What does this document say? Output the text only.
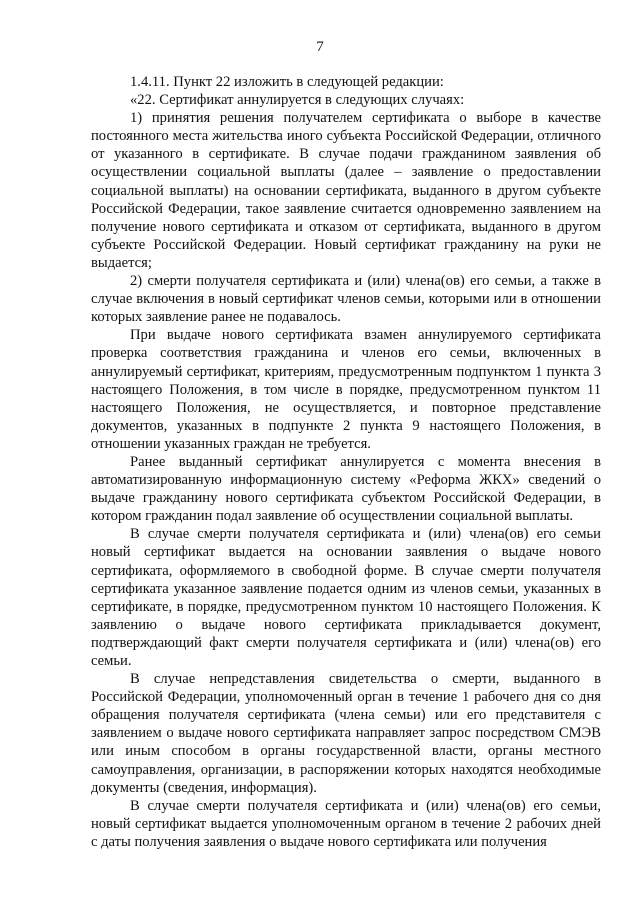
7

1.4.11. Пункт 22 изложить в следующей редакции:

«22. Сертификат аннулируется в следующих случаях:

1) принятия решения получателем сертификата о выборе в качестве постоянного места жительства иного субъекта Российской Федерации, отличного от указанного в сертификате. В случае подачи гражданином заявления об осуществлении социальной выплаты (далее – заявление о предоставлении социальной выплаты) на основании сертификата, выданного в другом субъекте Российской Федерации, такое заявление считается одновременно заявлением на получение нового сертификата и отказом от сертификата, выданного в другом субъекте Российской Федерации. Новый сертификат гражданину на руки не выдается;

2) смерти получателя сертификата и (или) члена(ов) его семьи, а также в случае включения в новый сертификат членов семьи, которыми или в отношении которых заявление ранее не подавалось.

При выдаче нового сертификата взамен аннулируемого сертификата проверка соответствия гражданина и членов его семьи, включенных в аннулируемый сертификат, критериям, предусмотренным подпунктом 1 пункта 3 настоящего Положения, в том числе в порядке, предусмотренном пунктом 11 настоящего Положения, не осуществляется, и повторное представление документов, указанных в подпункте 2 пункта 9 настоящего Положения, в отношении указанных граждан не требуется.

Ранее выданный сертификат аннулируется с момента внесения в автоматизированную информационную систему «Реформа ЖКХ» сведений о выдаче гражданину нового сертификата субъектом Российской Федерации, в котором гражданин подал заявление об осуществлении социальной выплаты.

В случае смерти получателя сертификата и (или) члена(ов) его семьи новый сертификат выдается на основании заявления о выдаче нового сертификата, оформляемого в свободной форме. В случае смерти получателя сертификата указанное заявление подается одним из членов семьи, указанных в сертификате, в порядке, предусмотренном пунктом 10 настоящего Положения. К заявлению о выдаче нового сертификата прикладывается документ, подтверждающий факт смерти получателя сертификата и (или) члена(ов) его семьи.

В случае непредставления свидетельства о смерти, выданного в Российской Федерации, уполномоченный орган в течение 1 рабочего дня со дня обращения получателя сертификата (члена семьи) или его представителя с заявлением о выдаче нового сертификата направляет запрос посредством СМЭВ или иным способом в органы государственной власти, органы местного самоуправления, организации, в распоряжении которых находятся необходимые документы (сведения, информация).

В случае смерти получателя сертификата и (или) члена(ов) его семьи, новый сертификат выдается уполномоченным органом в течение 2 рабочих дней с даты получения заявления о выдаче нового сертификата или получения
